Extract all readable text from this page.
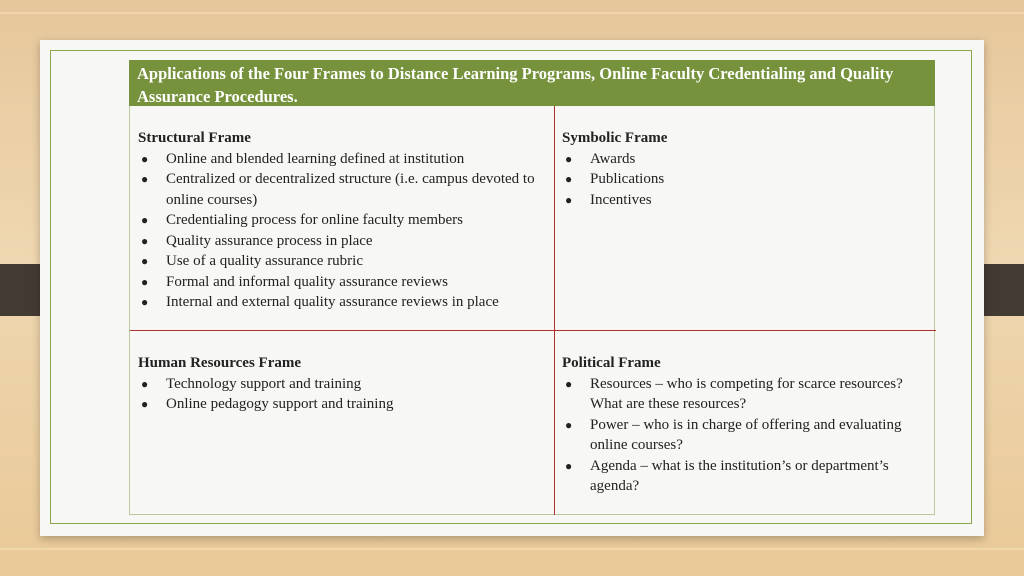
Applications of the Four Frames to Distance Learning Programs, Online Faculty Credentialing and Quality Assurance Procedures.
Structural Frame
● Online and blended learning defined at institution
● Centralized or decentralized structure (i.e. campus devoted to online courses)
● Credentialing process for online faculty members
● Quality assurance process in place
● Use of a quality assurance rubric
● Formal and informal quality assurance reviews
● Internal and external quality assurance reviews in place
Symbolic Frame
● Awards
● Publications
● Incentives
Human Resources Frame
● Technology support and training
● Online pedagogy support and training
Political Frame
● Resources – who is competing for scarce resources? What are these resources?
● Power – who is in charge of offering and evaluating online courses?
● Agenda – what is the institution’s or department’s agenda?
